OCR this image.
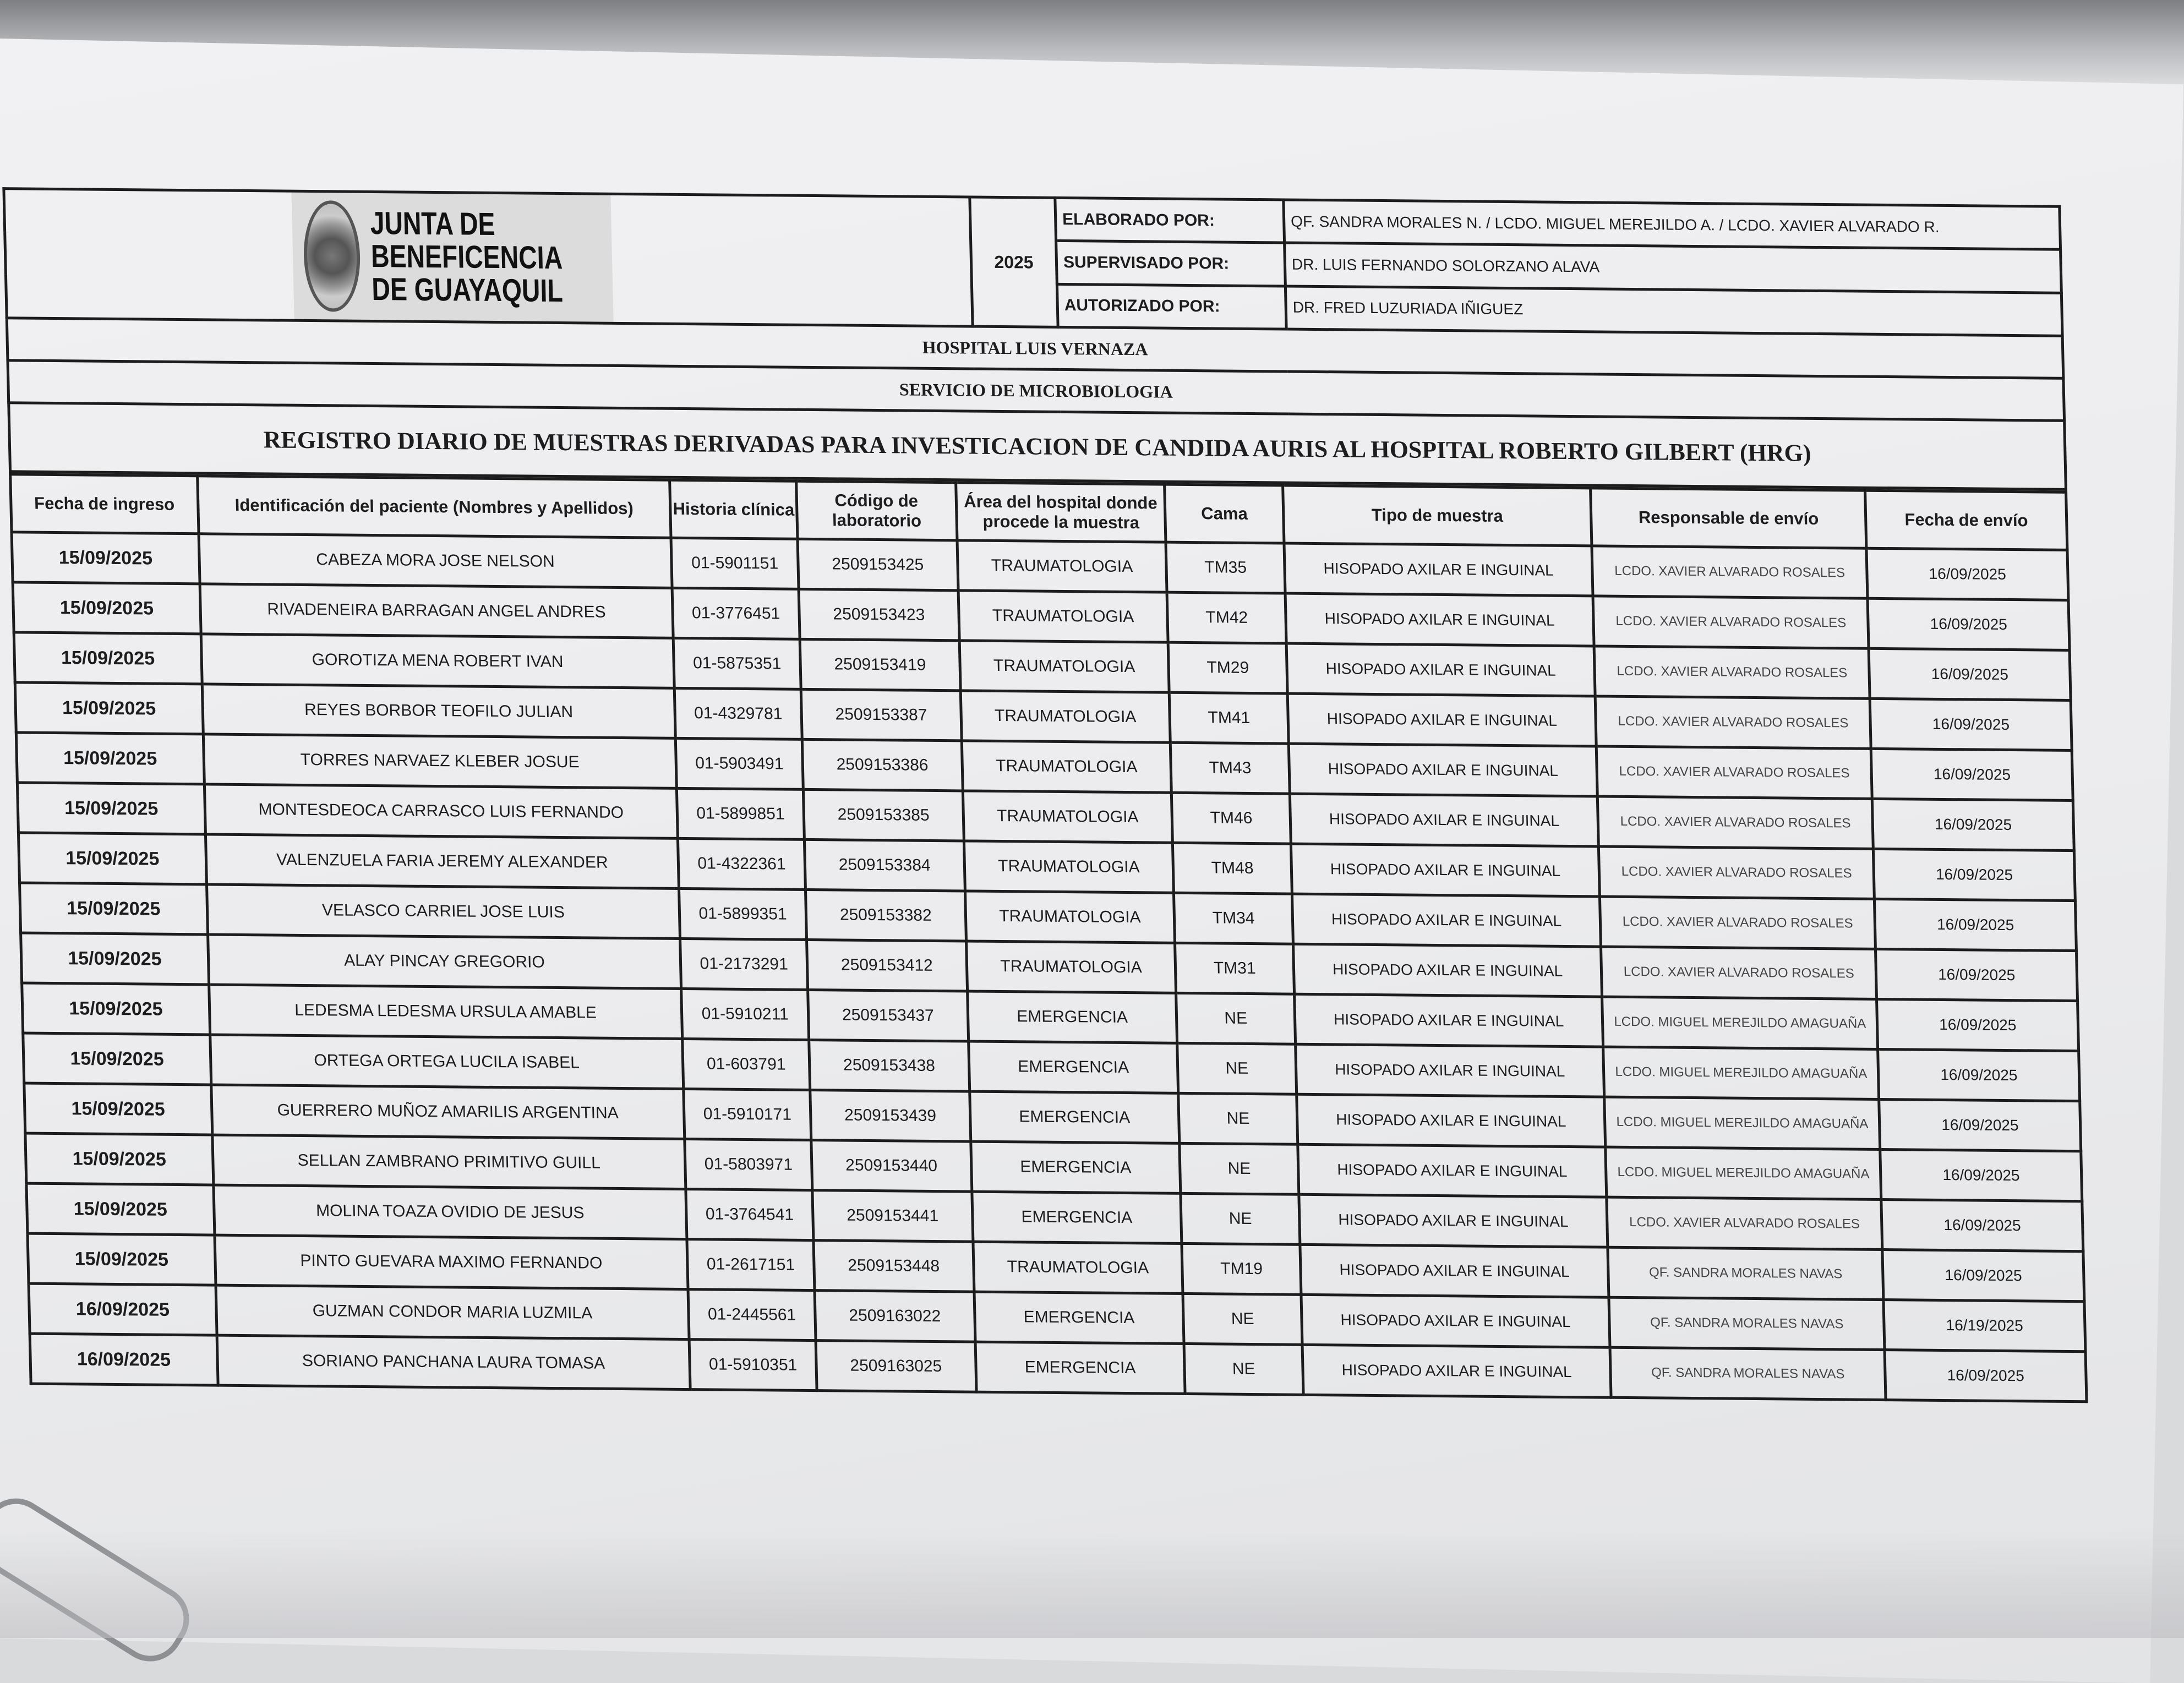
JUNTA DE BENEFICENCIA
DE GUAYAQUIL	2025	ELABORADO POR:	QF. SANDRA MORALES N. / LCDO. MIGUEL MEREJILDO A. / LCDO. XAVIER ALVARADO R.
		SUPERVISADO POR:	DR. LUIS FERNANDO SOLORZANO ALAVA
		AUTORIZADO POR:	DR. FRED LUZURIADA IÑIGUEZ
HOSPITAL LUIS VERNAZA			
SERVICIO DE MICROBIOLOGIA			
REGISTRO DIARIO DE MUESTRAS DERIVADAS PARA INVESTICACION DE CANDIDA AURIS AL HOSPITAL ROBERTO GILBERT (HRG)			
Fecha de ingreso	Identificación del paciente (Nombres y Apellidos)	Historia clínica	Código de laboratorio	Área del hospital donde procede la muestra	Cama	Tipo de muestra	Responsable de envío	Fecha de envío
15/09/2025	CABEZA MORA JOSE NELSON	01-5901151	2509153425	TRAUMATOLOGIA	TM35	HISOPADO AXILAR E INGUINAL	LCDO. XAVIER ALVARADO ROSALES	16/09/2025
15/09/2025	RIVADENEIRA BARRAGAN ANGEL ANDRES	01-3776451	2509153423	TRAUMATOLOGIA	TM42	HISOPADO AXILAR E INGUINAL	LCDO. XAVIER ALVARADO ROSALES	16/09/2025
15/09/2025	GOROTIZA MENA ROBERT IVAN	01-5875351	2509153419	TRAUMATOLOGIA	TM29	HISOPADO AXILAR E INGUINAL	LCDO. XAVIER ALVARADO ROSALES	16/09/2025
15/09/2025	REYES BORBOR TEOFILO JULIAN	01-4329781	2509153387	TRAUMATOLOGIA	TM41	HISOPADO AXILAR E INGUINAL	LCDO. XAVIER ALVARADO ROSALES	16/09/2025
15/09/2025	TORRES NARVAEZ KLEBER JOSUE	01-5903491	2509153386	TRAUMATOLOGIA	TM43	HISOPADO AXILAR E INGUINAL	LCDO. XAVIER ALVARADO ROSALES	16/09/2025
15/09/2025	MONTESDEOCA CARRASCO LUIS FERNANDO	01-5899851	2509153385	TRAUMATOLOGIA	TM46	HISOPADO AXILAR E INGUINAL	LCDO. XAVIER ALVARADO ROSALES	16/09/2025
15/09/2025	VALENZUELA FARIA JEREMY ALEXANDER	01-4322361	2509153384	TRAUMATOLOGIA	TM48	HISOPADO AXILAR E INGUINAL	LCDO. XAVIER ALVARADO ROSALES	16/09/2025
15/09/2025	VELASCO CARRIEL JOSE LUIS	01-5899351	2509153382	TRAUMATOLOGIA	TM34	HISOPADO AXILAR E INGUINAL	LCDO. XAVIER ALVARADO ROSALES	16/09/2025
15/09/2025	ALAY PINCAY GREGORIO	01-2173291	2509153412	TRAUMATOLOGIA	TM31	HISOPADO AXILAR E INGUINAL	LCDO. XAVIER ALVARADO ROSALES	16/09/2025
15/09/2025	LEDESMA LEDESMA URSULA AMABLE	01-5910211	2509153437	EMERGENCIA	NE	HISOPADO AXILAR E INGUINAL	LCDO. MIGUEL MEREJILDO AMAGUAÑA	16/09/2025
15/09/2025	ORTEGA ORTEGA LUCILA ISABEL	01-603791	2509153438	EMERGENCIA	NE	HISOPADO AXILAR E INGUINAL	LCDO. MIGUEL MEREJILDO AMAGUAÑA	16/09/2025
15/09/2025	GUERRERO MUÑOZ AMARILIS ARGENTINA	01-5910171	2509153439	EMERGENCIA	NE	HISOPADO AXILAR E INGUINAL	LCDO. MIGUEL MEREJILDO AMAGUAÑA	16/09/2025
15/09/2025	SELLAN ZAMBRANO PRIMITIVO GUILL	01-5803971	2509153440	EMERGENCIA	NE	HISOPADO AXILAR E INGUINAL	LCDO. MIGUEL MEREJILDO AMAGUAÑA	16/09/2025
15/09/2025	MOLINA TOAZA OVIDIO DE JESUS	01-3764541	2509153441	EMERGENCIA	NE	HISOPADO AXILAR E INGUINAL	LCDO. XAVIER ALVARADO ROSALES	16/09/2025
15/09/2025	PINTO GUEVARA MAXIMO FERNANDO	01-2617151	2509153448	TRAUMATOLOGIA	TM19	HISOPADO AXILAR E INGUINAL	QF. SANDRA MORALES NAVAS	16/09/2025
16/09/2025	GUZMAN CONDOR MARIA LUZMILA	01-2445561	2509163022	EMERGENCIA	NE	HISOPADO AXILAR E INGUINAL	QF. SANDRA MORALES NAVAS	16/19/2025
16/09/2025	SORIANO PANCHANA LAURA TOMASA	01-5910351	2509163025	EMERGENCIA	NE	HISOPADO AXILAR E INGUINAL	QF. SANDRA MORALES NAVAS	16/09/2025
